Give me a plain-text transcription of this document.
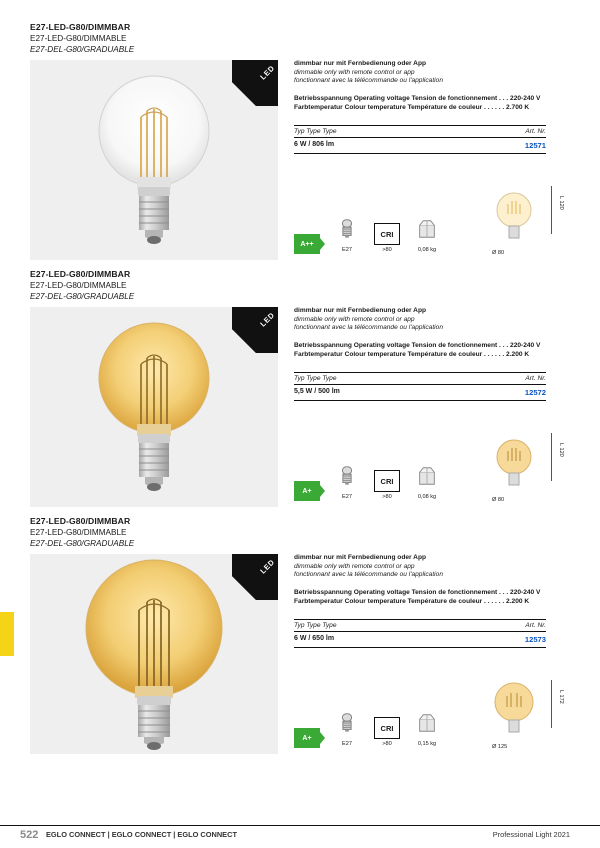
E27-LED-G80/DIMMBAR
E27-LED-G80/DIMMABLE
E27-DEL-G80/GRADUABLE
LED	dimmbar nur mit Fernbedienung oder App
dimmable only with remote control or app
fonctionnant avec la télécommande ou l'application
Betriebsspannung Operating voltage Tension de fonctionnement . . . 220-240 V
Farbtemperatur Colour temperature Température de couleur . . . . . . 2.700 K
Typ Type Type	Art. Nr.
6 W / 806 lm	12571
A++
E27
CRI
>80	0,08 kg
L 120
Ø 80
E27-LED-G80/DIMMBAR
E27-LED-G80/DIMMABLE
E27-DEL-G80/GRADUABLE
LED	dimmbar nur mit Fernbedienung oder App
dimmable only with remote control or app
fonctionnant avec la télécommande ou l'application
Betriebsspannung Operating voltage Tension de fonctionnement . . . 220-240 V
Farbtemperatur Colour temperature Température de couleur . . . . . . 2.200 K
Typ Type Type	Art. Nr.
5,5 W / 500 lm	12572
A+
E27
CRI
>80	0,08 kg
L 120
Ø 80
E27-LED-G80/DIMMBAR
E27-LED-G80/DIMMABLE
E27-DEL-G80/GRADUABLE
LED	dimmbar nur mit Fernbedienung oder App
dimmable only with remote control or app
fonctionnant avec la télécommande ou l'application
Betriebsspannung Operating voltage Tension de fonctionnement . . . 220-240 V
Farbtemperatur Colour temperature Température de couleur . . . . . . 2.200 K
Typ Type Type	Art. Nr.
6 W / 650 lm	12573
A+
E27
CRI
>80	0,15 kg
L 172
Ø 125
522 EGLO CONNECT | EGLO CONNECT | EGLO CONNECT	Professional Light 2021
